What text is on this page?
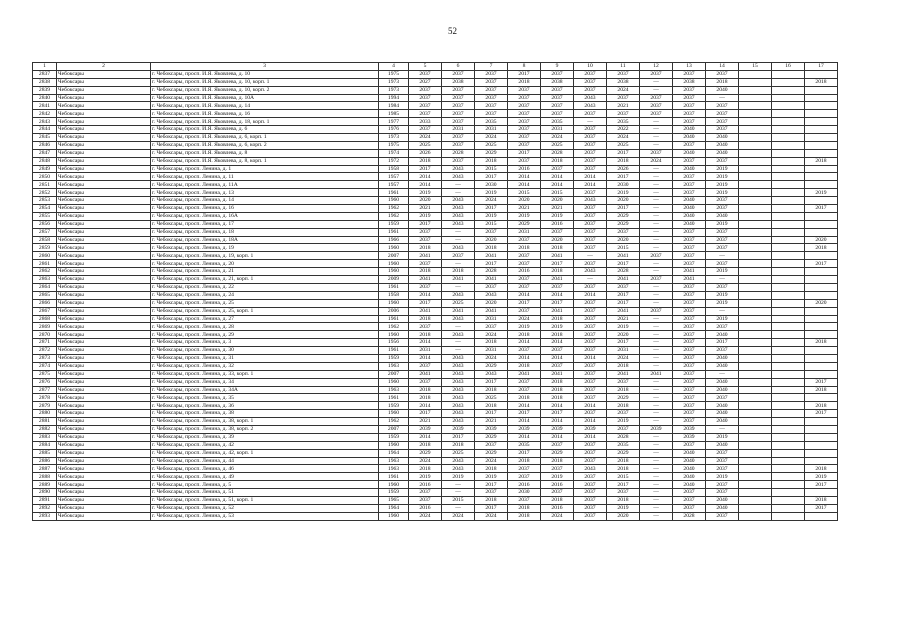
52
1	2	3	4	5	6	7	8	9	10	11	12	13	14	15	16	17
2837	Чебоксары	г. Чебоксары, просп. И.Я. Яковлева, д. 10	1975	2037	2037	2037	2017	2037	2037	2037	2037	2037	2037			
2838	Чебоксары	г. Чебоксары, просп. И.Я. Яковлева, д. 10, корп. 1	1973	2027	2038	2037	2018	2038	2037	2038	—	2038	2018			2018
2839	Чебоксары	г. Чебоксары, просп. И.Я. Яковлева, д. 10, корп. 2	1973	2037	2037	2037	2037	2037	2037	2024	—	2037	2040			
2840	Чебоксары	г. Чебоксары, просп. И.Я. Яковлева, д. 10А	1994	2037	2037	2037	2037	2037	2043	2037	2037	2037	—			
2841	Чебоксары	г. Чебоксары, просп. И.Я. Яковлева, д. 14	1984	2037	2037	2037	2037	2037	2043	2021	2037	2037	2037			
2842	Чебоксары	г. Чебоксары, просп. И.Я. Яковлева, д. 16	1985	2037	2037	2037	2037	2037	2037	2037	2037	2037	2037			
2843	Чебоксары	г. Чебоксары, просп. И.Я. Яковлева, д. 18, корп. 1	1977	2033	2037	2035	2037	2035	—	2035	—	2037	2037			
2844	Чебоксары	г. Чебоксары, просп. И.Я. Яковлева, д. 6	1976	2037	2031	2031	2037	2031	2037	2022	—	2040	2037			
2845	Чебоксары	г. Чебоксары, просп. И.Я. Яковлева, д. 6, корп. 1	1973	2024	2037	2024	2037	2024	2037	2024	—	2040	2040			
2846	Чебоксары	г. Чебоксары, просп. И.Я. Яковлева, д. 6, корп. 2	1975	2025	2037	2025	2037	2025	2037	2025	—	2037	2040			
2847	Чебоксары	г. Чебоксары, просп. И.Я. Яковлева, д. 8	1974	2026	2028	2029	2017	2028	2037	2017	2037	2040	2040			
2848	Чебоксары	г. Чебоксары, просп. И.Я. Яковлева, д. 8, корп. 1	1972	2018	2037	2018	2037	2018	2037	2018	2024	2037	2037			2018
2849	Чебоксары	г. Чебоксары, просп. Ленина, д. 1	1958	2017	2043	2015	2016	2037	2037	2026	—	2040	2019			
2850	Чебоксары	г. Чебоксары, просп. Ленина, д. 11	1957	2014	2043	2017	2014	2014	2014	2017	—	2037	2019			
2851	Чебоксары	г. Чебоксары, просп. Ленина, д. 11А	1957	2014	—	2030	2014	2014	2014	2030	—	2037	2019			
2852	Чебоксары	г. Чебоксары, просп. Ленина, д. 13	1961	2019	—	2019	2015	2015	2037	2019	—	2037	2019			2019
2853	Чебоксары	г. Чебоксары, просп. Ленина, д. 14	1960	2020	2043	2024	2020	2020	2043	2020	—	2040	2037			
2854	Чебоксары	г. Чебоксары, просп. Ленина, д. 16	1962	2021	2043	2017	2021	2021	2037	2017	—	2040	2037			2017
2855	Чебоксары	г. Чебоксары, просп. Ленина, д. 16А	1962	2019	2043	2019	2019	2019	2037	2029	—	2040	2040			
2856	Чебоксары	г. Чебоксары, просп. Ленина, д. 17	1959	2017	2043	2015	2029	2016	2037	2029	—	2040	2019			
2857	Чебоксары	г. Чебоксары, просп. Ленина, д. 18	1961	2037	—	2037	2031	2037	2037	2037	—	2037	2037			
2858	Чебоксары	г. Чебоксары, просп. Ленина, д. 18А	1966	2037	—	2020	2037	2020	2037	2020	—	2037	2037			2020
2859	Чебоксары	г. Чебоксары, просп. Ленина, д. 19	1960	2018	2043	2018	2018	2018	2037	2015	—	2037	2037			2018
2860	Чебоксары	г. Чебоксары, просп. Ленина, д. 19, корп. 1	2007	2041	2037	2041	2037	2041	—	2041	2037	2037	—			
2861	Чебоксары	г. Чебоксары, просп. Ленина, д. 20	1960	2037	—	2017	2037	2017	2037	2017	—	2037	2037			2017
2862	Чебоксары	г. Чебоксары, просп. Ленина, д. 21	1960	2018	2018	2028	2016	2018	2043	2028	—	2041	2019			
2863	Чебоксары	г. Чебоксары, просп. Ленина, д. 21, корп. 1	2009	2041	2041	2041	2037	2041	—	2041	2037	2041	—			
2864	Чебоксары	г. Чебоксары, просп. Ленина, д. 22	1961	2037	—	2037	2037	2037	2037	2037	—	2037	2037			
2865	Чебоксары	г. Чебоксары, просп. Ленина, д. 24	1958	2014	2043	2043	2014	2014	2014	2017	—	2037	2019			
2866	Чебоксары	г. Чебоксары, просп. Ленина, д. 25	1960	2017	2025	2020	2017	2017	2037	2017	—	2037	2019			2020
2867	Чебоксары	г. Чебоксары, просп. Ленина, д. 25, корп. 1	2006	2041	2041	2041	2037	2041	2037	2041	2037	2037	—			
2868	Чебоксары	г. Чебоксары, просп. Ленина, д. 27	1961	2018	2043	2031	2024	2018	2037	2021	—	2037	2019			
2869	Чебоксары	г. Чебоксары, просп. Ленина, д. 28	1962	2037	—	2037	2019	2019	2037	2019	—	2037	2037			
2870	Чебоксары	г. Чебоксары, просп. Ленина, д. 29	1960	2018	2043	2024	2018	2018	2037	2020	—	2037	2040			
2871	Чебоксары	г. Чебоксары, просп. Ленина, д. 3	1956	2014	—	2018	2014	2014	2037	2017	—	2037	2017			2018
2872	Чебоксары	г. Чебоксары, просп. Ленина, д. 30	1961	2031	—	2031	2037	2037	2037	2031	—	2037	2037			
2873	Чебоксары	г. Чебоксары, просп. Ленина, д. 31	1959	2014	2043	2024	2014	2014	2014	2024	—	2037	2040			
2874	Чебоксары	г. Чебоксары, просп. Ленина, д. 32	1963	2037	2043	2029	2018	2037	2037	2018	—	2037	2040			
2875	Чебоксары	г. Чебоксары, просп. Ленина, д. 33, корп. 1	2007	2041	2043	2043	2041	2041	2037	2041	2041	2037	—			
2876	Чебоксары	г. Чебоксары, просп. Ленина, д. 34	1960	2037	2043	2017	2037	2018	2037	2037	—	2037	2040			2017
2877	Чебоксары	г. Чебоксары, просп. Ленина, д. 34А	1963	2018	2043	2018	2037	2018	2037	2018	—	2037	2040			2018
2878	Чебоксары	г. Чебоксары, просп. Ленина, д. 35	1961	2018	2043	2025	2018	2018	2037	2029	—	2037	2037			
2879	Чебоксары	г. Чебоксары, просп. Ленина, д. 36	1959	2014	2043	2018	2014	2014	2014	2018	—	2037	2040			2018
2880	Чебоксары	г. Чебоксары, просп. Ленина, д. 38	1960	2017	2043	2017	2017	2017	2037	2037	—	2037	2040			2017
2881	Чебоксары	г. Чебоксары, просп. Ленина, д. 38, корп. 1	1962	2021	2043	2021	2014	2014	2014	2019	—	2037	2040			
2882	Чебоксары	г. Чебоксары, просп. Ленина, д. 38, корп. 2	2007	2039	2039	2039	2039	2039	2039	2037	2039	2039	—			
2883	Чебоксары	г. Чебоксары, просп. Ленина, д. 39	1959	2014	2017	2029	2014	2014	2014	2028	—	2039	2019			
2884	Чебоксары	г. Чебоксары, просп. Ленина, д. 42	1960	2018	2018	2037	2035	2037	2037	2035	—	2037	2040			
2885	Чебоксары	г. Чебоксары, просп. Ленина, д. 42, корп. 1	1964	2029	2025	2029	2017	2029	2037	2029	—	2040	2037			
2886	Чебоксары	г. Чебоксары, просп. Ленина, д. 44	1963	2024	2043	2024	2018	2018	2037	2018	—	2040	2037			
2887	Чебоксары	г. Чебоксары, просп. Ленина, д. 46	1963	2018	2043	2018	2037	2037	2043	2018	—	2040	2037			2018
2888	Чебоксары	г. Чебоксары, просп. Ленина, д. 49	1961	2019	2019	2019	2037	2019	2037	2015	—	2040	2019			2019
2889	Чебоксары	г. Чебоксары, просп. Ленина, д. 5	1960	2016	—	2017	2016	2016	2037	2017	—	2040	2037			2017
2890	Чебоксары	г. Чебоксары, просп. Ленина, д. 51	1959	2037	—	2037	2030	2037	2037	2037	—	2037	2037			
2891	Чебоксары	г. Чебоксары, просп. Ленина, д. 51, корп. 1	1965	2037	2015	2018	2037	2018	2037	2018	—	2037	2040			2018
2892	Чебоксары	г. Чебоксары, просп. Ленина, д. 52	1964	2016	—	2017	2018	2016	2037	2019	—	2037	2040			2017
2893	Чебоксары	г. Чебоксары, просп. Ленина, д. 53	1960	2024	2024	2024	2018	2024	2037	2020	—	2028	2037			
